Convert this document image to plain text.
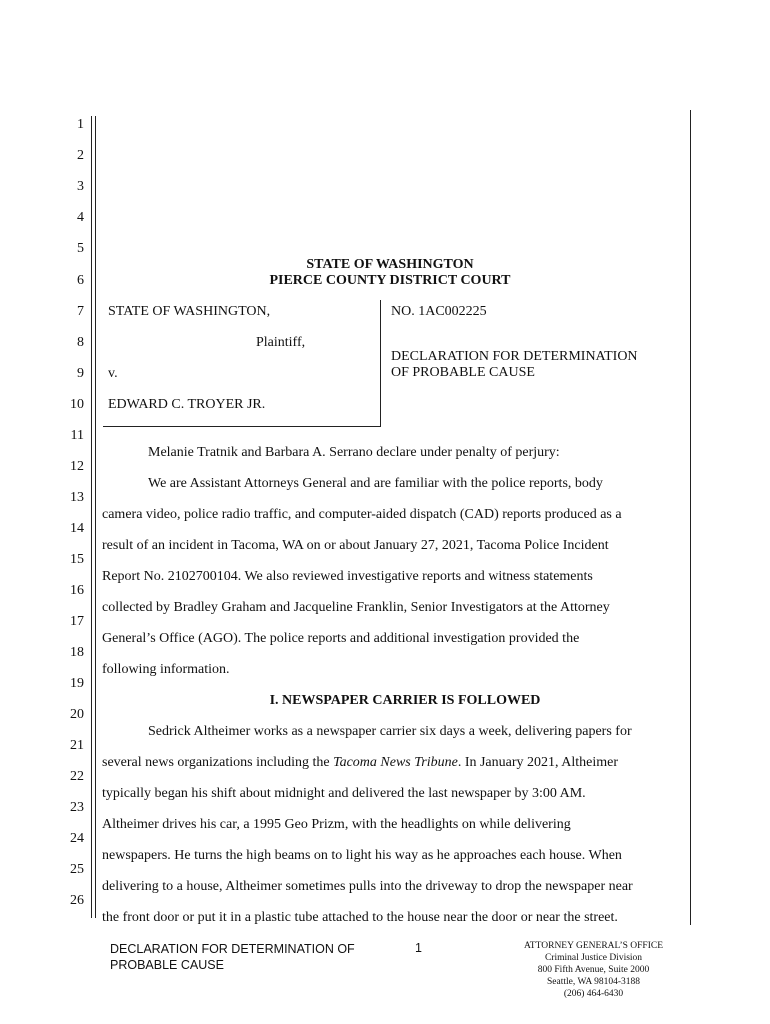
1
2
3
4
5
6
7
8
9
10
11
12
13
14
15
16
17
18
19
20
21
22
23
24
25
26
STATE OF WASHINGTON
PIERCE COUNTY DISTRICT COURT
STATE OF WASHINGTON,
Plaintiff,
v.
EDWARD C. TROYER JR.
NO. 1AC002225
DECLARATION FOR DETERMINATION
OF PROBABLE CAUSE
Melanie Tratnik and Barbara A. Serrano declare under penalty of perjury:
We are Assistant Attorneys General and are familiar with the police reports, body
camera video, police radio traffic, and computer-aided dispatch (CAD) reports produced as a
result of an incident in Tacoma, WA on or about January 27, 2021, Tacoma Police Incident
Report No. 2102700104. We also reviewed investigative reports and witness statements
collected by Bradley Graham and Jacqueline Franklin, Senior Investigators at the Attorney
General’s Office (AGO). The police reports and additional investigation provided the
following information.
I. NEWSPAPER CARRIER IS FOLLOWED
Sedrick Altheimer works as a newspaper carrier six days a week, delivering papers for
several news organizations including the Tacoma News Tribune. In January 2021, Altheimer
typically began his shift about midnight and delivered the last newspaper by 3:00 AM.
Altheimer drives his car, a 1995 Geo Prizm, with the headlights on while delivering
newspapers. He turns the high beams on to light his way as he approaches each house. When
delivering to a house, Altheimer sometimes pulls into the driveway to drop the newspaper near
the front door or put it in a plastic tube attached to the house near the door or near the street.
DECLARATION FOR DETERMINATION OF
PROBABLE CAUSE
1	ATTORNEY GENERAL’S OFFICE
Criminal Justice Division
800 Fifth Avenue, Suite 2000
Seattle, WA 98104-3188
(206) 464-6430
